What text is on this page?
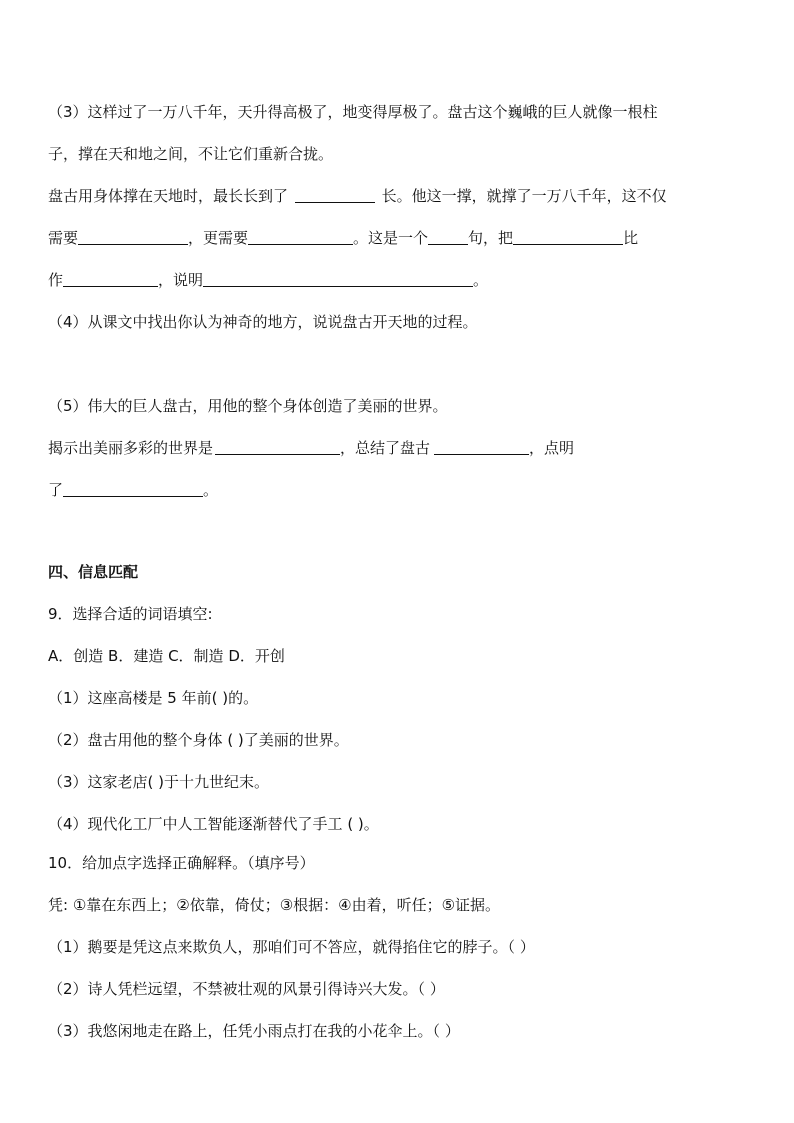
（3）这样过了一万八千年，天升得高极了，地变得厚极了。盘古这个巍峨的巨人就像一根柱
子，撑在天和地之间，不让它们重新合拢。
盘古用身体撑在天地时，最长长到了	长。他这一撑，就撑了一万八千年，这不仅
需要	，更需要	。这是一个	句，把	比
作	，说明	。
（4）从课文中找出你认为神奇的地方，说说盘古开天地的过程。
（5）伟大的巨人盘古，用他的整个身体创造了美丽的世界。
揭示出美丽多彩的世界是	，总结了盘古	，点明
了	。
四、信息匹配
9．选择合适的词语填空:
A．创造 B．建造 C．制造 D．开创
（1）这座高楼是 5 年前( )的。
（2）盘古用他的整个身体 ( )了美丽的世界。
（3）这家老店( )于十九世纪末。
（4）现代化工厂中人工智能逐渐替代了手工 ( )。
10．给加点字选择正确解释。（填序号）
凭: ①靠在东西上；②依靠，倚仗；③根据：④由着，听任；⑤证据。
（1）鹅要是凭这点来欺负人，那咱们可不答应，就得掐住它的脖子。（ ）
（2）诗人凭栏远望，不禁被壮观的风景引得诗兴大发。（ ）
（3）我悠闲地走在路上，任凭小雨点打在我的小花伞上。（ ）
